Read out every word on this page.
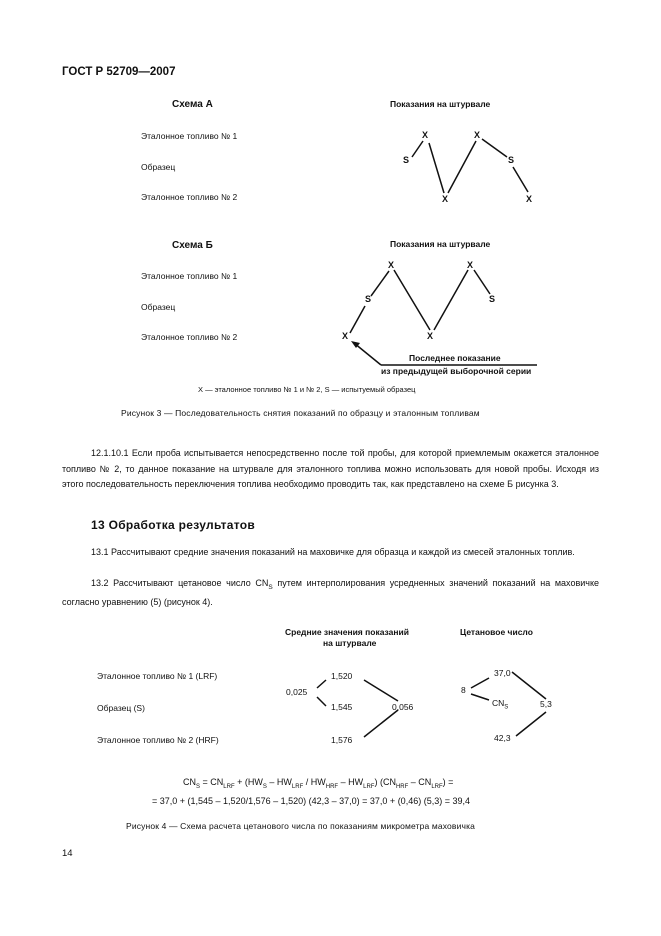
ГОСТ Р 52709—2007
Схема А	Показания на штурвале
Эталонное топливо № 1
Образец
Эталонное топливо № 2
X	X
S	S
X	X
Схема Б	Показания на штурвале
Эталонное топливо № 1
Образец
Эталонное топливо № 2
X	X
S	S
X	X
Последнее показание
из предыдущей выборочной серии
X — эталонное топливо № 1 и № 2, S — испытуемый образец
Рисунок 3 — Последовательность снятия показаний по образцу и эталонным топливам
12.1.10.1 Если проба испытывается непосредственно после той пробы, для которой приемлемым окажется эталонное топливо № 2, то данное показание на штурвале для эталонного топлива можно использовать для новой пробы. Исходя из этого последовательность переключения топлива необходимо проводить так, как представлено на схеме Б рисунка 3.
13 Обработка результатов
13.1 Рассчитывают средние значения показаний на маховичке для образца и каждой из смесей эталонных топлив.
13.2 Рассчитывают цетановое число $CN_S$ путем интерполирования усредненных значений показаний на маховичке согласно уравнению (5) (рисунок 4).
Средние значения показаний
на штурвале
Цетановое число
Эталонное топливо № 1 (LRF)
Образец (S)
Эталонное топливо № 2 (HRF)
1,520
1,545
1,576
0,025
0,056
37,0
8
$CN_S$	5,3
42,3
$CN_S = CN_{LRF} + (HW_S - HW_{LRF} / HW_{HRF} - HW_{LRF})$ $(CN_{HRF} - CN_{LRF})$ =
= 37,0 + (1,545 – 1,520/1,576 – 1,520) (42,3 – 37,0) = 37,0 + (0,46) (5,3) = 39,4
Рисунок 4 — Схема расчета цетанового числа по показаниям микрометра маховичка
14
